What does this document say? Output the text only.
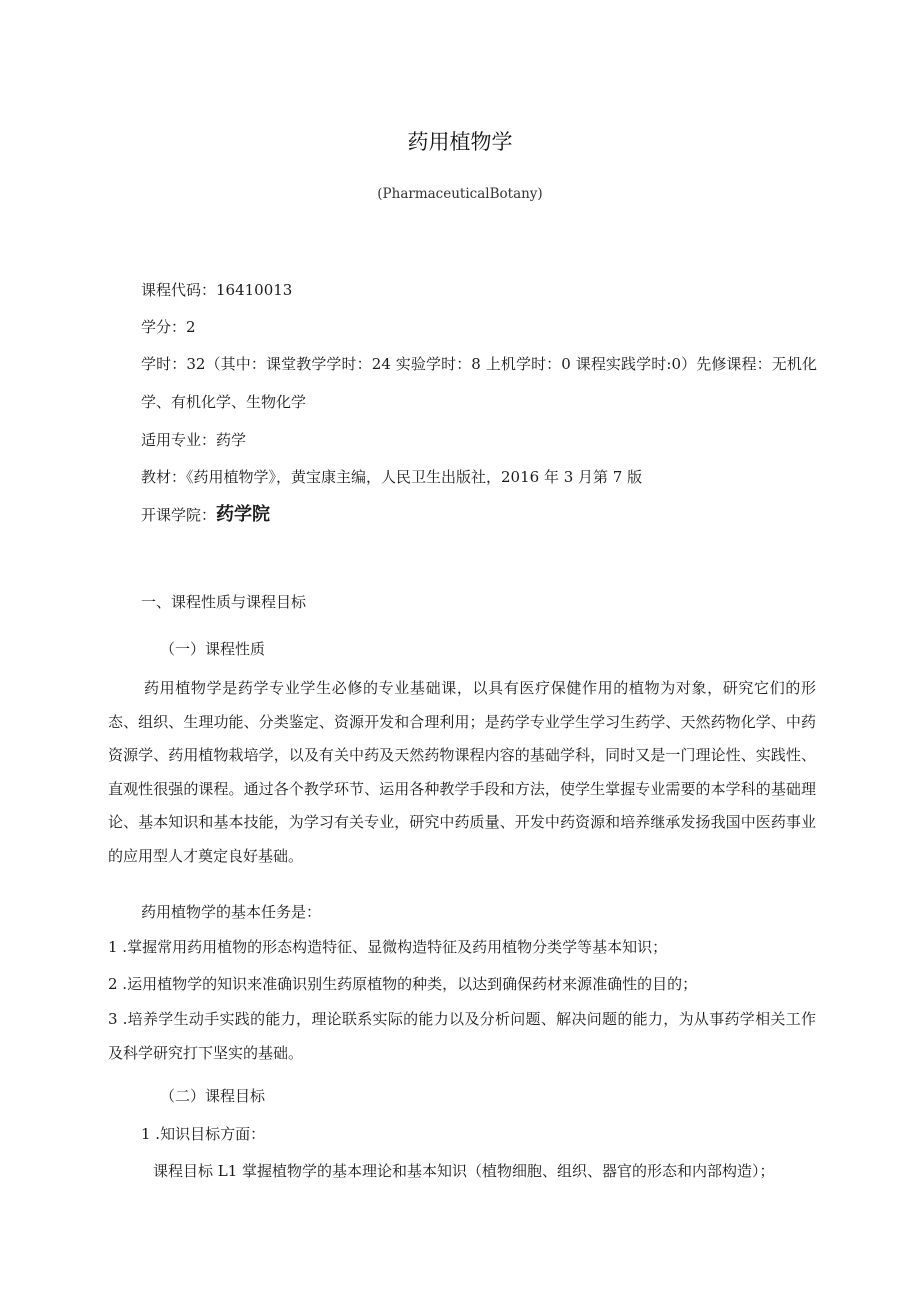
药用植物学
(PharmaceuticalBotany)
课程代码：16410013
学分：2
学时：32（其中：课堂教学学时：24 实验学时：8 上机学时：0 课程实践学时:0）先修课程：无机化学、有机化学、生物化学
适用专业：药学
教材：《药用植物学》，黄宝康主编，人民卫生出版社，2016 年 3 月第 7 版
开课学院：药学院
一、课程性质与课程目标
（一）课程性质
药用植物学是药学专业学生必修的专业基础课，以具有医疗保健作用的植物为对象，研究它们的形态、组织、生理功能、分类鉴定、资源开发和合理利用；是药学专业学生学习生药学、天然药物化学、中药资源学、药用植物栽培学，以及有关中药及天然药物课程内容的基础学科，同时又是一门理论性、实践性、直观性很强的课程。通过各个教学环节、运用各种教学手段和方法，使学生掌握专业需要的本学科的基础理论、基本知识和基本技能，为学习有关专业，研究中药质量、开发中药资源和培养继承发扬我国中医药事业的应用型人才奠定良好基础。
药用植物学的基本任务是：
1 .掌握常用药用植物的形态构造特征、显微构造特征及药用植物分类学等基本知识；
2 .运用植物学的知识来准确识别生药原植物的种类，以达到确保药材来源准确性的目的；
3 .培养学生动手实践的能力，理论联系实际的能力以及分析问题、解决问题的能力，为从事药学相关工作及科学研究打下坚实的基础。
（二）课程目标
1 .知识目标方面：
课程目标 L1 掌握植物学的基本理论和基本知识（植物细胞、组织、器官的形态和内部构造）；
